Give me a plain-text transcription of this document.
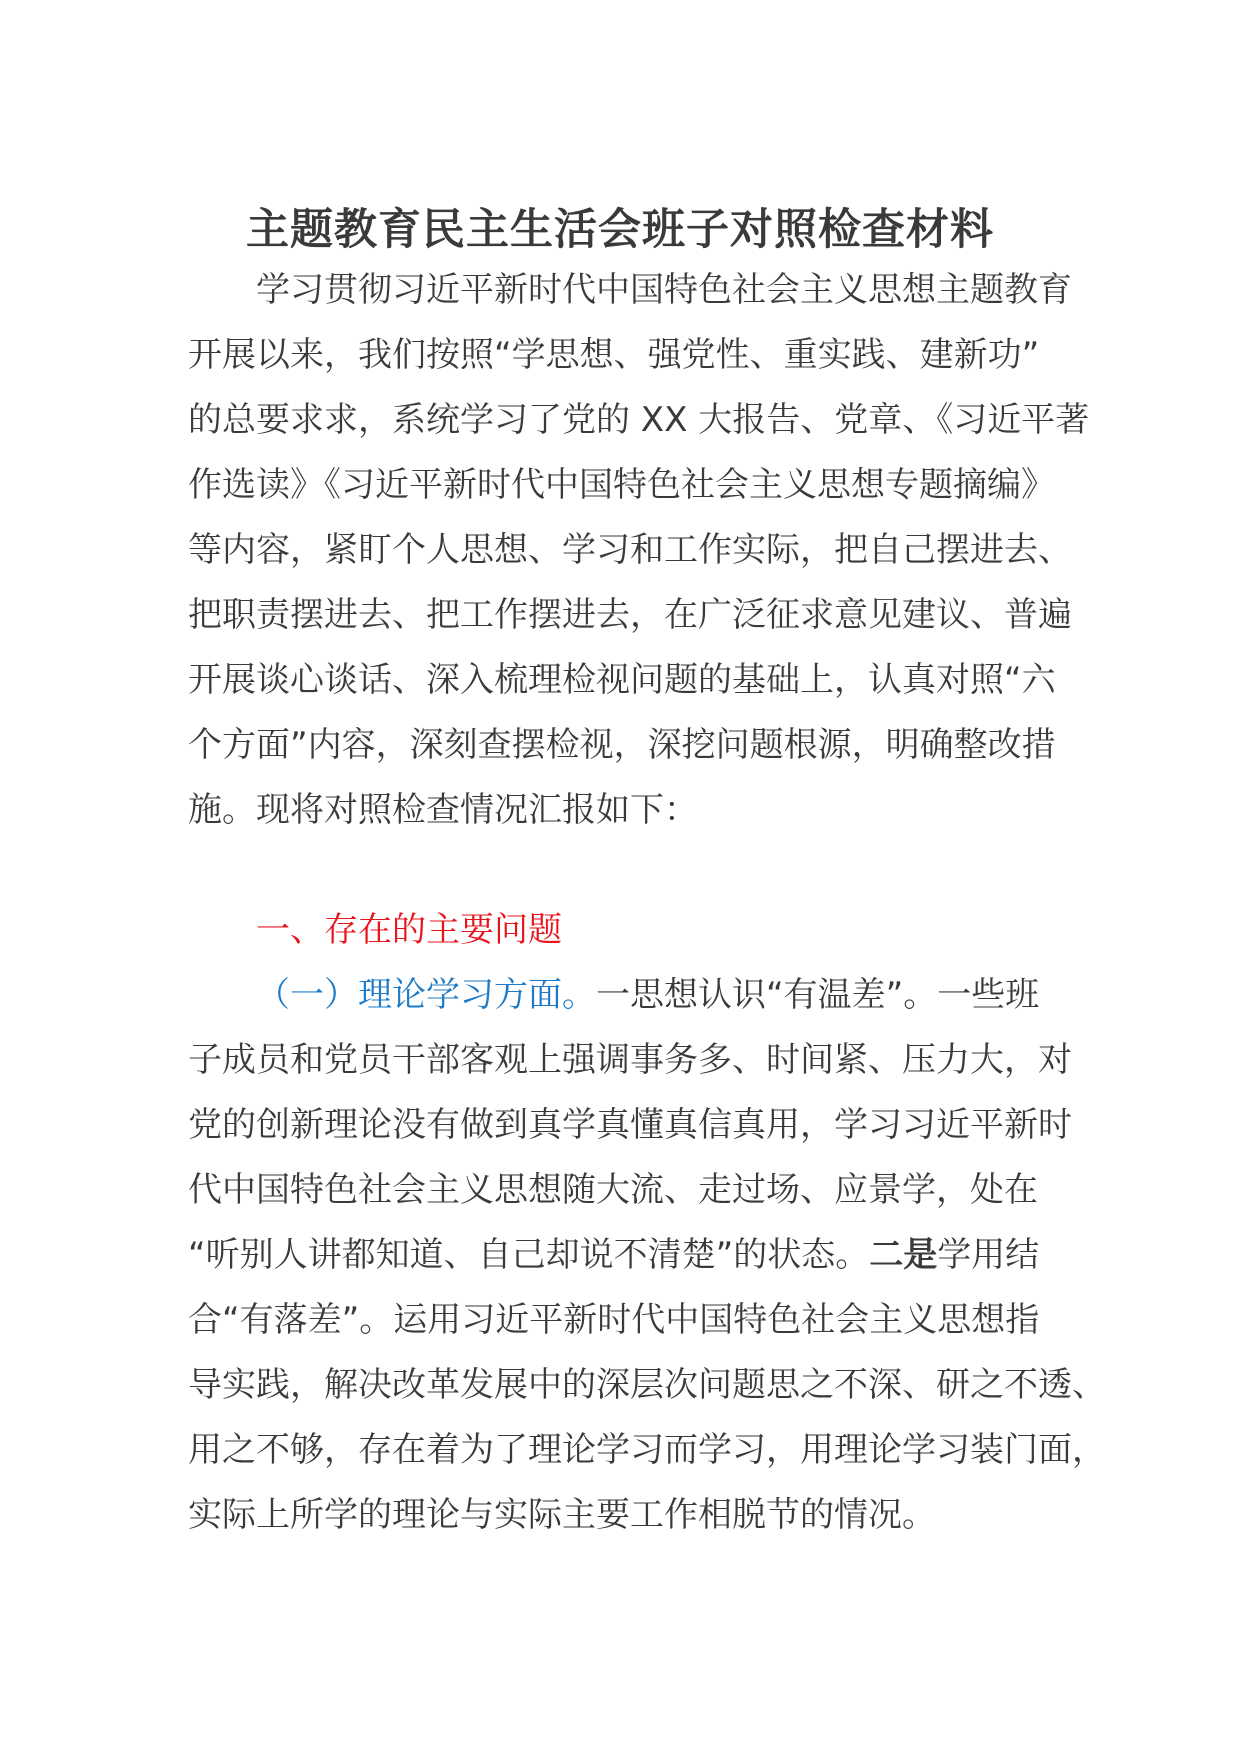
主题教育民主生活会班子对照检查材料
学习贯彻习近平新时代中国特色社会主义思想主题教育
开展以来，我们按照“学思想、强党性、重实践、建新功”
的总要求求，系统学习了党的 XX 大报告、党章、《习近平著
作选读》《习近平新时代中国特色社会主义思想专题摘编》
等内容，紧盯个人思想、学习和工作实际，把自己摆进去、
把职责摆进去、把工作摆进去，在广泛征求意见建议、普遍
开展谈心谈话、深入梳理检视问题的基础上，认真对照“六
个方面”内容，深刻查摆检视，深挖问题根源，明确整改措
施。现将对照检查情况汇报如下：
一、存在的主要问题
（一）理论学习方面。一思想认识“有温差”。一些班
子成员和党员干部客观上强调事务多、时间紧、压力大，对
党的创新理论没有做到真学真懂真信真用，学习习近平新时
代中国特色社会主义思想随大流、走过场、应景学，处在
“听别人讲都知道、自己却说不清楚”的状态。二是学用结
合“有落差”。运用习近平新时代中国特色社会主义思想指
导实践，解决改革发展中的深层次问题思之不深、研之不透、
用之不够，存在着为了理论学习而学习，用理论学习装门面，
实际上所学的理论与实际主要工作相脱节的情况。
